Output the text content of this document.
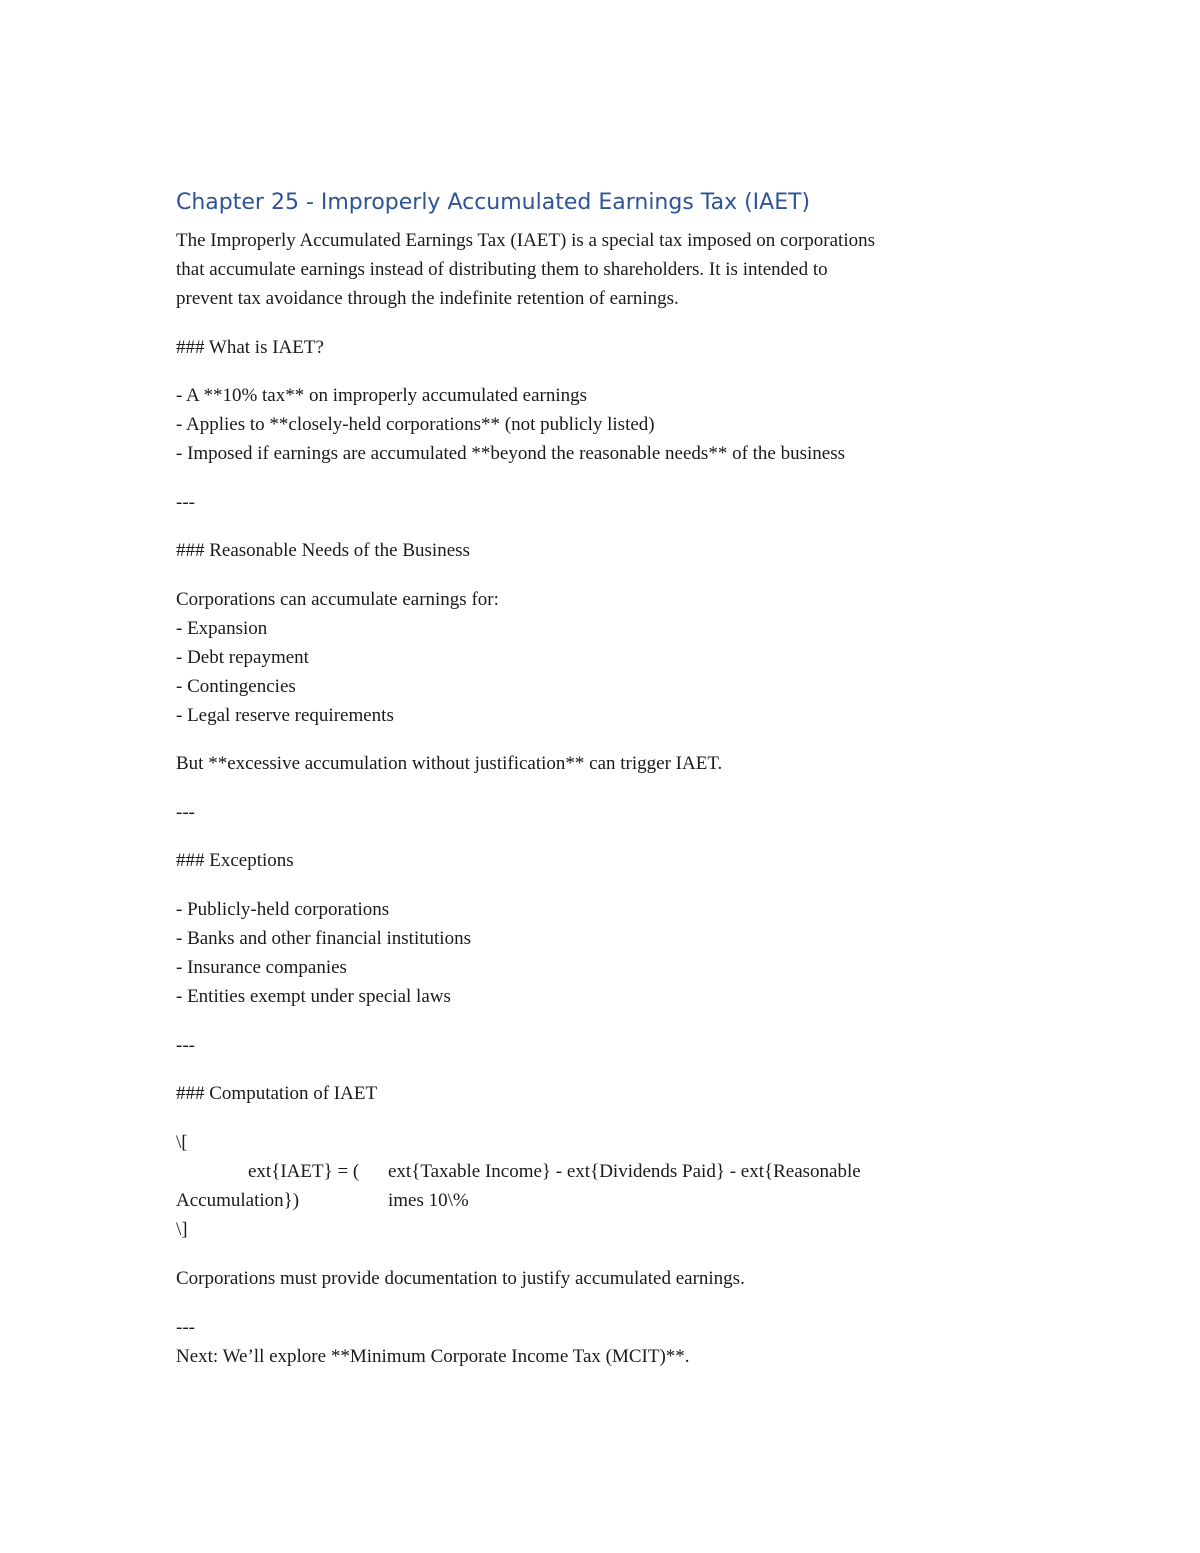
Chapter 25 - Improperly Accumulated Earnings Tax (IAET)
The Improperly Accumulated Earnings Tax (IAET) is a special tax imposed on corporations
that accumulate earnings instead of distributing them to shareholders. It is intended to
prevent tax avoidance through the indefinite retention of earnings.
### What is IAET?
- A **10% tax** on improperly accumulated earnings
- Applies to **closely-held corporations** (not publicly listed)
- Imposed if earnings are accumulated **beyond the reasonable needs** of the business
---
### Reasonable Needs of the Business
Corporations can accumulate earnings for:
- Expansion
- Debt repayment
- Contingencies
- Legal reserve requirements
But **excessive accumulation without justification** can trigger IAET.
---
### Exceptions
- Publicly-held corporations
- Banks and other financial institutions
- Insurance companies
- Entities exempt under special laws
---
### Computation of IAET
\[
ext{IAET} = ( ext{Taxable Income} - ext{Dividends Paid} - ext{Reasonable
Accumulation})	imes 10\%
\]
Corporations must provide documentation to justify accumulated earnings.
---
Next: We’ll explore **Minimum Corporate Income Tax (MCIT)**.
